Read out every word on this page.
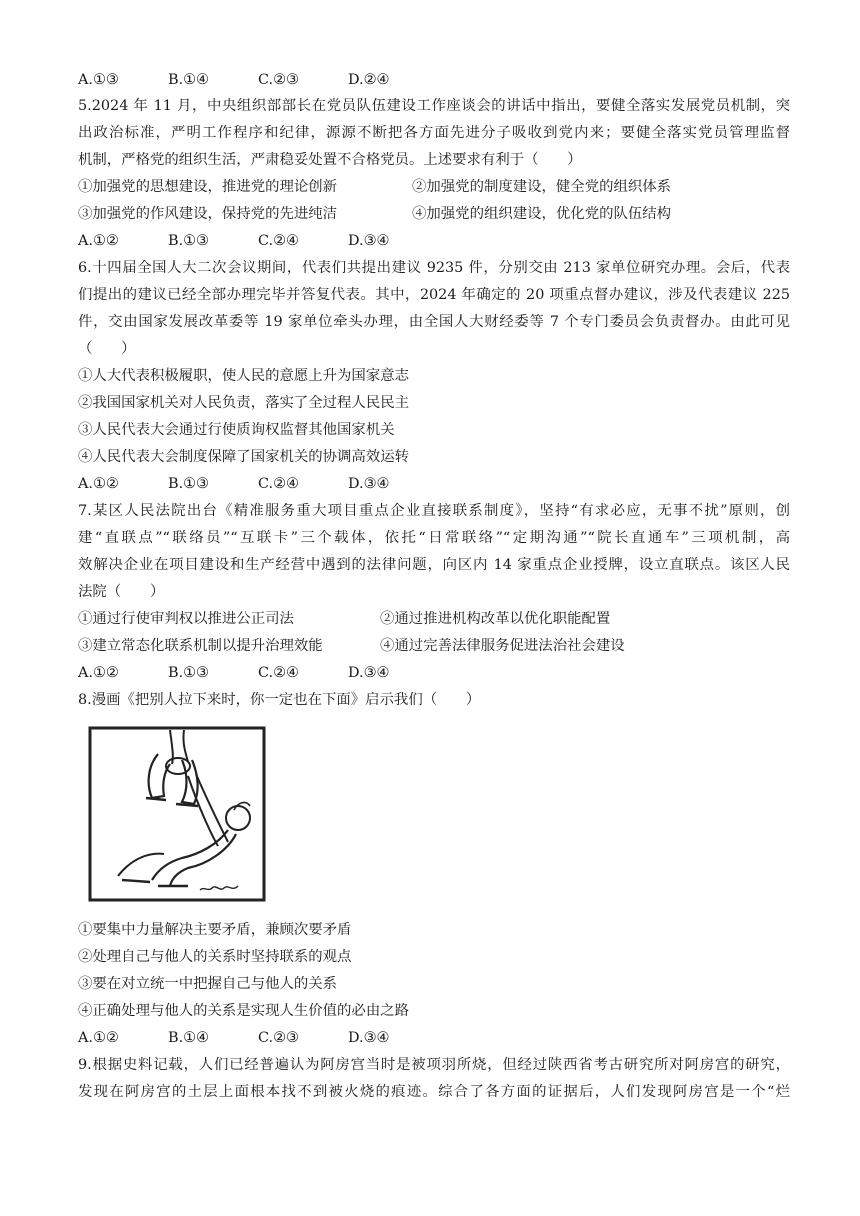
A.①③	B.①④	C.②③	D.②④
5.2024 年 11 月，中央组织部部长在党员队伍建设工作座谈会的讲话中指出，要健全落实发展党员机制，突
出政治标准，严明工作程序和纪律，源源不断把各方面先进分子吸收到党内来；要健全落实党员管理监督
机制，严格党的组织生活，严肃稳妥处置不合格党员。上述要求有利于（　　）
①加强党的思想建设，推进党的理论创新	②加强党的制度建设，健全党的组织体系
③加强党的作风建设，保持党的先进纯洁	④加强党的组织建设，优化党的队伍结构
A.①②	B.①③	C.②④	D.③④
6.十四届全国人大二次会议期间，代表们共提出建议 9235 件，分别交由 213 家单位研究办理。会后，代表
们提出的建议已经全部办理完毕并答复代表。其中，2024 年确定的 20 项重点督办建议，涉及代表建议 225
件，交由国家发展改革委等 19 家单位牵头办理，由全国人大财经委等 7 个专门委员会负责督办。由此可见
（　　）
①人大代表积极履职，使人民的意愿上升为国家意志
②我国国家机关对人民负责，落实了全过程人民民主
③人民代表大会通过行使质询权监督其他国家机关
④人民代表大会制度保障了国家机关的协调高效运转
A.①②	B.①③	C.②④	D.③④
7.某区人民法院出台《精准服务重大项目重点企业直接联系制度》，坚持“有求必应，无事不扰”原则，创
建“直联点”“联络员”“互联卡”三个载体，依托“日常联络”“定期沟通”“院长直通车”三项机制，高
效解决企业在项目建设和生产经营中遇到的法律问题，向区内 14 家重点企业授牌，设立直联点。该区人民
法院（　　）
①通过行使审判权以推进公正司法	②通过推进机构改革以优化职能配置
③建立常态化联系机制以提升治理效能	④通过完善法律服务促进法治社会建设
A.①②	B.①③	C.②④	D.③④
8.漫画《把别人拉下来时，你一定也在下面》启示我们（　　）
①要集中力量解决主要矛盾，兼顾次要矛盾
②处理自己与他人的关系时坚持联系的观点
③要在对立统一中把握自己与他人的关系
④正确处理与他人的关系是实现人生价值的必由之路
A.①②	B.①④	C.②③	D.③④
9.根据史料记载，人们已经普遍认为阿房宫当时是被项羽所烧，但经过陕西省考古研究所对阿房宫的研究，
发现在阿房宫的土层上面根本找不到被火烧的痕迹。综合了各方面的证据后，人们发现阿房宫是一个“烂
